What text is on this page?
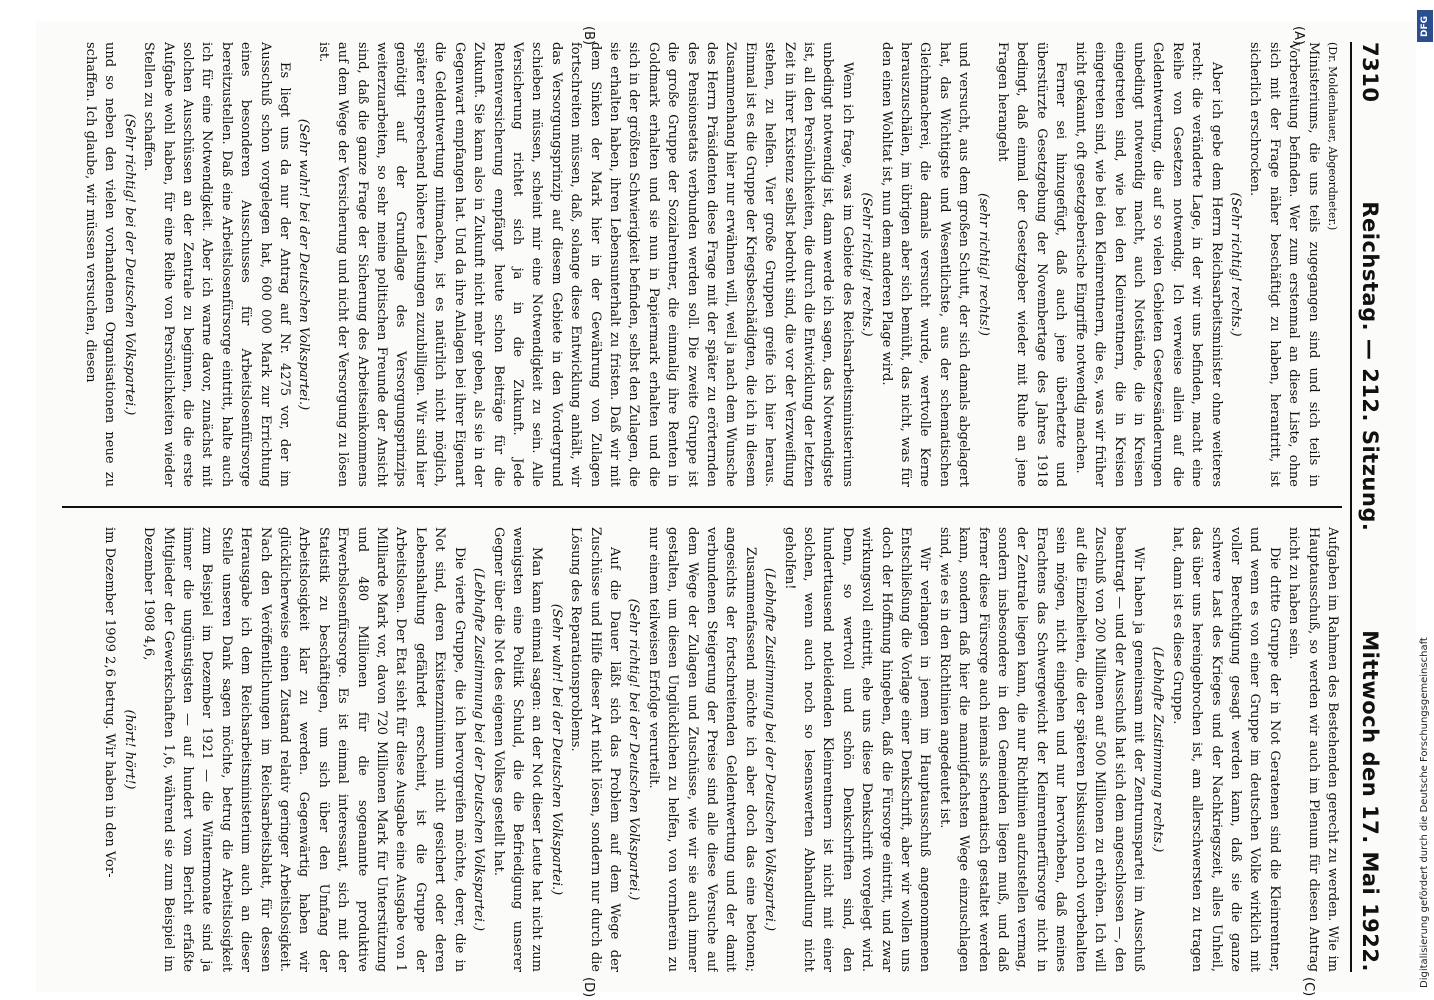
7310
Reichstag. — 212. Sitzung.
Mittwoch den 17. Mai 1922.

(Dr. Moldenhauer, Abgeordneter.)

Ministeriums, die uns teils zugegangen sind und sich teils in Vorbereitung befinden. Wer zum erstenmal an diese Liste, ohne sich mit der Frage näher beschäftigt zu haben, herantritt, ist sicherlich erschrocken.

(Sehr richtig! rechts.)

Aber ich gebe dem Herrn Reichsarbeitsminister ohne weiteres recht: die veränderte Lage, in der wir uns befinden, macht eine Reihe von Gesetzen notwendig. Ich verweise allein auf die Geldentwertung, die auf so vielen Gebieten Gesetzesänderungen unbedingt notwendig macht, auch Notstände, die in Kreisen eingetreten sind, wie bei den Kleinrentnern, die in Kreisen eingetreten sind, wie bei den Kleinrentnern, die es, was wir früher nicht gekannt, oft gesetzgeberische Eingriffe notwendig machen.

Ferner sei hinzugefügt, daß auch jene überhetzte und überstürzte Gesetzgebung der Novembertage des Jahres 1918 bedingt, daß einmal der Gesetzgeber wieder mit Ruhe an jene Fragen herangeht

(sehr richtig! rechts!)

und versucht, aus dem großen Schutt, der sich damals abgelagert hat, das Wichtigste und Wesentlichste, aus der schematischen Gleichmacherei, die damals versucht wurde, wertvolle Kerne herauszuschälen, im übrigen aber sich bemüht, das nicht, was für den einen Wohltat ist, nun dem anderen Plage wird.

(Sehr richtig! rechts.)

Wenn ich frage, was im Gebiete des Reichsarbeitsministeriums unbedingt notwendig ist, dann werde ich sagen, das Notwendigste ist, all den Persönlichkeiten, die durch die Entwicklung der letzten Zeit in ihrer Existenz selbst bedroht sind, die vor der Verzweiflung stehen, zu helfen. Vier große Gruppen greife ich hier heraus. Einmal ist es die Gruppe der Kriegsbeschädigten, die ich in diesem Zusammenhang hier nur erwähnen will, weil ja nach dem Wunsche des Herrn Präsidenten diese Frage mit der später zu erörternden des Pensionsetats verbunden werden soll. Die zweite Gruppe ist die große Gruppe der Sozialrentner, die einmalig ihre Renten in Goldmark erhalten und sie nun in Papiermark erhalten und die sich in der größten Schwierigkeit befinden, selbst den Zulagen, die sie erhalten haben, ihren Lebensunterhalt zu fristen. Daß wir mit dem Sinken der Mark hier in der Gewährung von Zulagen fortschreiten müssen, daß, solange diese Entwicklung anhält, wir das Versorgungsprinzip auf diesem Gebiete in den Vordergrund schieben müssen, scheint mir eine Notwendigkeit zu sein. Alle Versicherung richtet sich ja in die Zukunft. Jede Rentenversicherung empfängt heute schon Beiträge für die Zukunft. Sie kann also in Zukunft nicht mehr geben, als sie in der Gegenwart empfangen hat. Und da ihre Anlagen bei ihrer Eigenart die Geldentwertung mitmachen, ist es natürlich nicht möglich, später entsprechend höhere Leistungen zuzubilligen. Wir sind hier genötigt auf der Grundlage des Versorgungsprinzips weiterzuarbeiten, so sehr meine politischen Freunde der Ansicht sind, daß die ganze Frage der Sicherung des Arbeitseinkommens auf dem Wege der Versicherung und nicht der Versorgung zu lösen ist.

(Sehr wahr! bei der Deutschen Volkspartei.)

Es liegt uns da nur der Antrag auf Nr. 4275 vor, der im Ausschuß schon vorgelegen hat, 600 000 Mark zur Errichtung eines besonderen Ausschusses für Arbeitslosenfürsorge bereitzustellen. Daß eine Arbeitslosenfürsorge eintritt, halte auch ich für eine Notwendigkeit. Aber ich warne davor, zunächst mit solchen Ausschüssen an der Zentrale zu beginnen, die die erste Aufgabe wohl haben, für eine Reihe von Persönlichkeiten wieder Stellen zu schaffen.

(Sehr richtig! bei der Deutschen Volkspartei.)

und so neben den vielen vorhandenen Organisationen neue zu schaffen. Ich glaube, wir müssen versuchen, diesen

Aufgaben im Rahmen des Bestehenden gerecht zu werden. Wie im Hauptausschuß, so werden wir auch im Plenum für diesen Antrag nicht zu haben sein.

Die dritte Gruppe der in Not Geratenen sind die Kleinrentner, und wenn es von einer Gruppe im deutschen Volke wirklich mit voller Berechtigung gesagt werden kann, daß sie die ganze schwere Last des Krieges und der Nachkriegszeit, alles Unheil, das über uns hereingebrochen ist, am allerschwersten zu tragen hat, dann ist es diese Gruppe.

(Lebhafte Zustimmung rechts.)

Wir haben ja gemeinsam mit der Zentrumspartei im Ausschuß beantragt — und der Ausschuß hat sich dem angeschlossen —, den Zuschuß von 200 Millionen auf 500 Millionen zu erhöhen. Ich will auf die Einzelheiten, die der späteren Diskussion noch vorbehalten sein mögen, nicht eingehen und nur hervorheben, daß meines Erachtens das Schwergewicht der Kleinrentnerfürsorge nicht in der Zentrale liegen kann, die nur Richtlinien aufzustellen vermag, sondern insbesondere in den Gemeinden liegen muß, und daß ferner diese Fürsorge auch niemals schematisch gestaltet werden kann, sondern daß hier die mannigfachsten Wege einzuschlagen sind, wie es in den Richtlinien angedeutet ist.

Wir verlangen in jenem im Hauptausschuß angenommenen Entschließung die Vorlage einer Denkschrift, aber wir wollen uns doch der Hoffnung hingeben, daß die Fürsorge eintritt, und zwar wirkungsvoll eintritt, ehe uns diese Denkschrift vorgelegt wird. Denn, so wertvoll und schön Denkschriften sind, den hunderttausend notleidenden Kleinrentnern ist nicht mit einer solchen, wenn auch noch so lesenswerten Abhandlung nicht geholfen!

(Lebhafte Zustimmung bei der Deutschen Volkspartei.)

Zusammenfassend möchte ich aber doch das eine betonen; angesichts der fortschreitenden Geldentwertung und der damit verbundenen Steigerung der Preise sind alle diese Versuche auf dem Wege der Zulagen und Zuschüsse, wie wir sie auch immer gestalten, um diesen Unglücklichen zu helfen, von vornherein zu nur einem teilweisen Erfolge verurteilt.

(Sehr richtig! bei der Deutschen Volkspartei.)

Auf die Dauer läßt sich das Problem auf dem Wege der Zuschüsse und Hilfe dieser Art nicht lösen, sondern nur durch die Lösung des Reparationsproblems.

(Sehr wahr! bei der Deutschen Volkspartei.)

Man kann einmal sagen: an der Not dieser Leute hat nicht zum wenigsten eine Politik Schuld, die die Befriedigung unserer Gegner über die Not des eigenen Volkes gestellt hat.

(Lebhafte Zustimmung bei der Deutschen Volkspartei.)

Die vierte Gruppe, die ich hervorgreifen möchte, derer, die in Not sind, deren Existenzminimum nicht gesichert oder deren Lebenshaltung gefährdet erscheint, ist die Gruppe der Arbeitslosen. Der Etat sieht für diese Ausgabe eine Ausgabe von 1 Milliarde Mark vor, davon 720 Millionen Mark für Unterstützung und 480 Millionen für die sogenannte produktive Erwerbslosenfürsorge. Es ist einmal interessant, sich mit der Statistik zu beschäftigen, um sich über den Umfang der Arbeitslosigkeit klar zu werden. Gegenwärtig haben wir glücklicherweise einen Zustand relativ geringer Arbeitslosigkeit. Nach den Veröffentlichungen im Reichsarbeitsblatt, für dessen Herausgabe ich dem Reichsarbeitsministerium auch an dieser Stelle unseren Dank sagen möchte, betrug die Arbeitslosigkeit zum Beispiel im Dezember 1921 — die Wintermonate sind ja immer die ungünstigsten — auf hundert vom Bericht erfaßte Mitglieder der Gewerkschaften 1,6, während sie zum Beispiel im Dezember 1908 4,6,

(hört! hört!)

im Dezember 1909 2,6 betrug. Wir haben in den Vor-

(A)
(B)
(C)
(D)
DFG
Digitalisierung gefördert durch die Deutsche Forschungsgemeinschaft
